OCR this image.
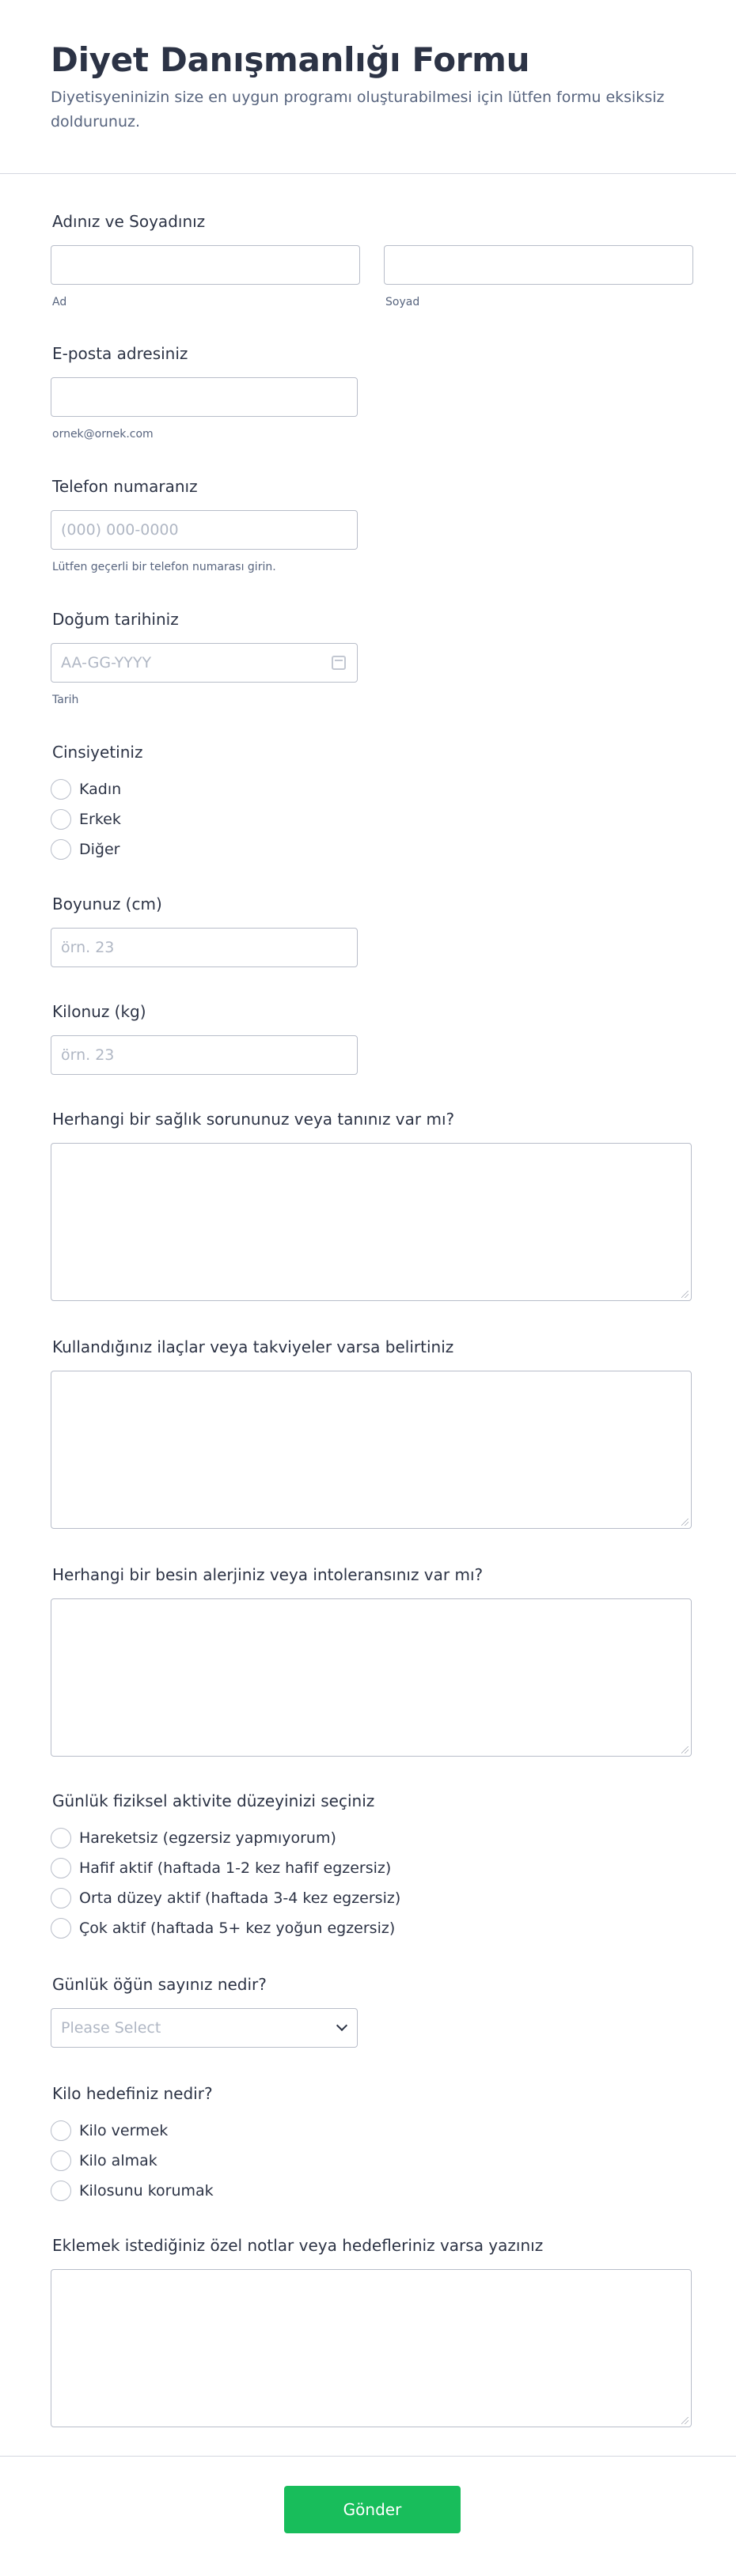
Diyet Danışmanlığı Formu

Diyetisyeninizin size en uygun programı oluşturabilmesi için lütfen formu eksiksiz doldurunuz.

Adınız ve Soyadınız
Ad	Soyad
E-posta adresiniz
ornek@ornek.com
Telefon numaranız
(000) 000-0000
Lütfen geçerli bir telefon numarası girin.
Doğum tarihiniz
AA-GG-YYYY
Tarih
Cinsiyetiniz
Kadın
Erkek
Diğer
Boyunuz (cm)
örn. 23
Kilonuz (kg)
örn. 23
Herhangi bir sağlık sorununuz veya tanınız var mı?
Kullandığınız ilaçlar veya takviyeler varsa belirtiniz
Herhangi bir besin alerjiniz veya intoleransınız var mı?
Günlük fiziksel aktivite düzeyinizi seçiniz
Hareketsiz (egzersiz yapmıyorum)
Hafif aktif (haftada 1-2 kez hafif egzersiz)
Orta düzey aktif (haftada 3-4 kez egzersiz)
Çok aktif (haftada 5+ kez yoğun egzersiz)
Günlük öğün sayınız nedir?
Please Select
Kilo hedefiniz nedir?
Kilo vermek
Kilo almak
Kilosunu korumak
Eklemek istediğiniz özel notlar veya hedefleriniz varsa yazınız
Gönder
